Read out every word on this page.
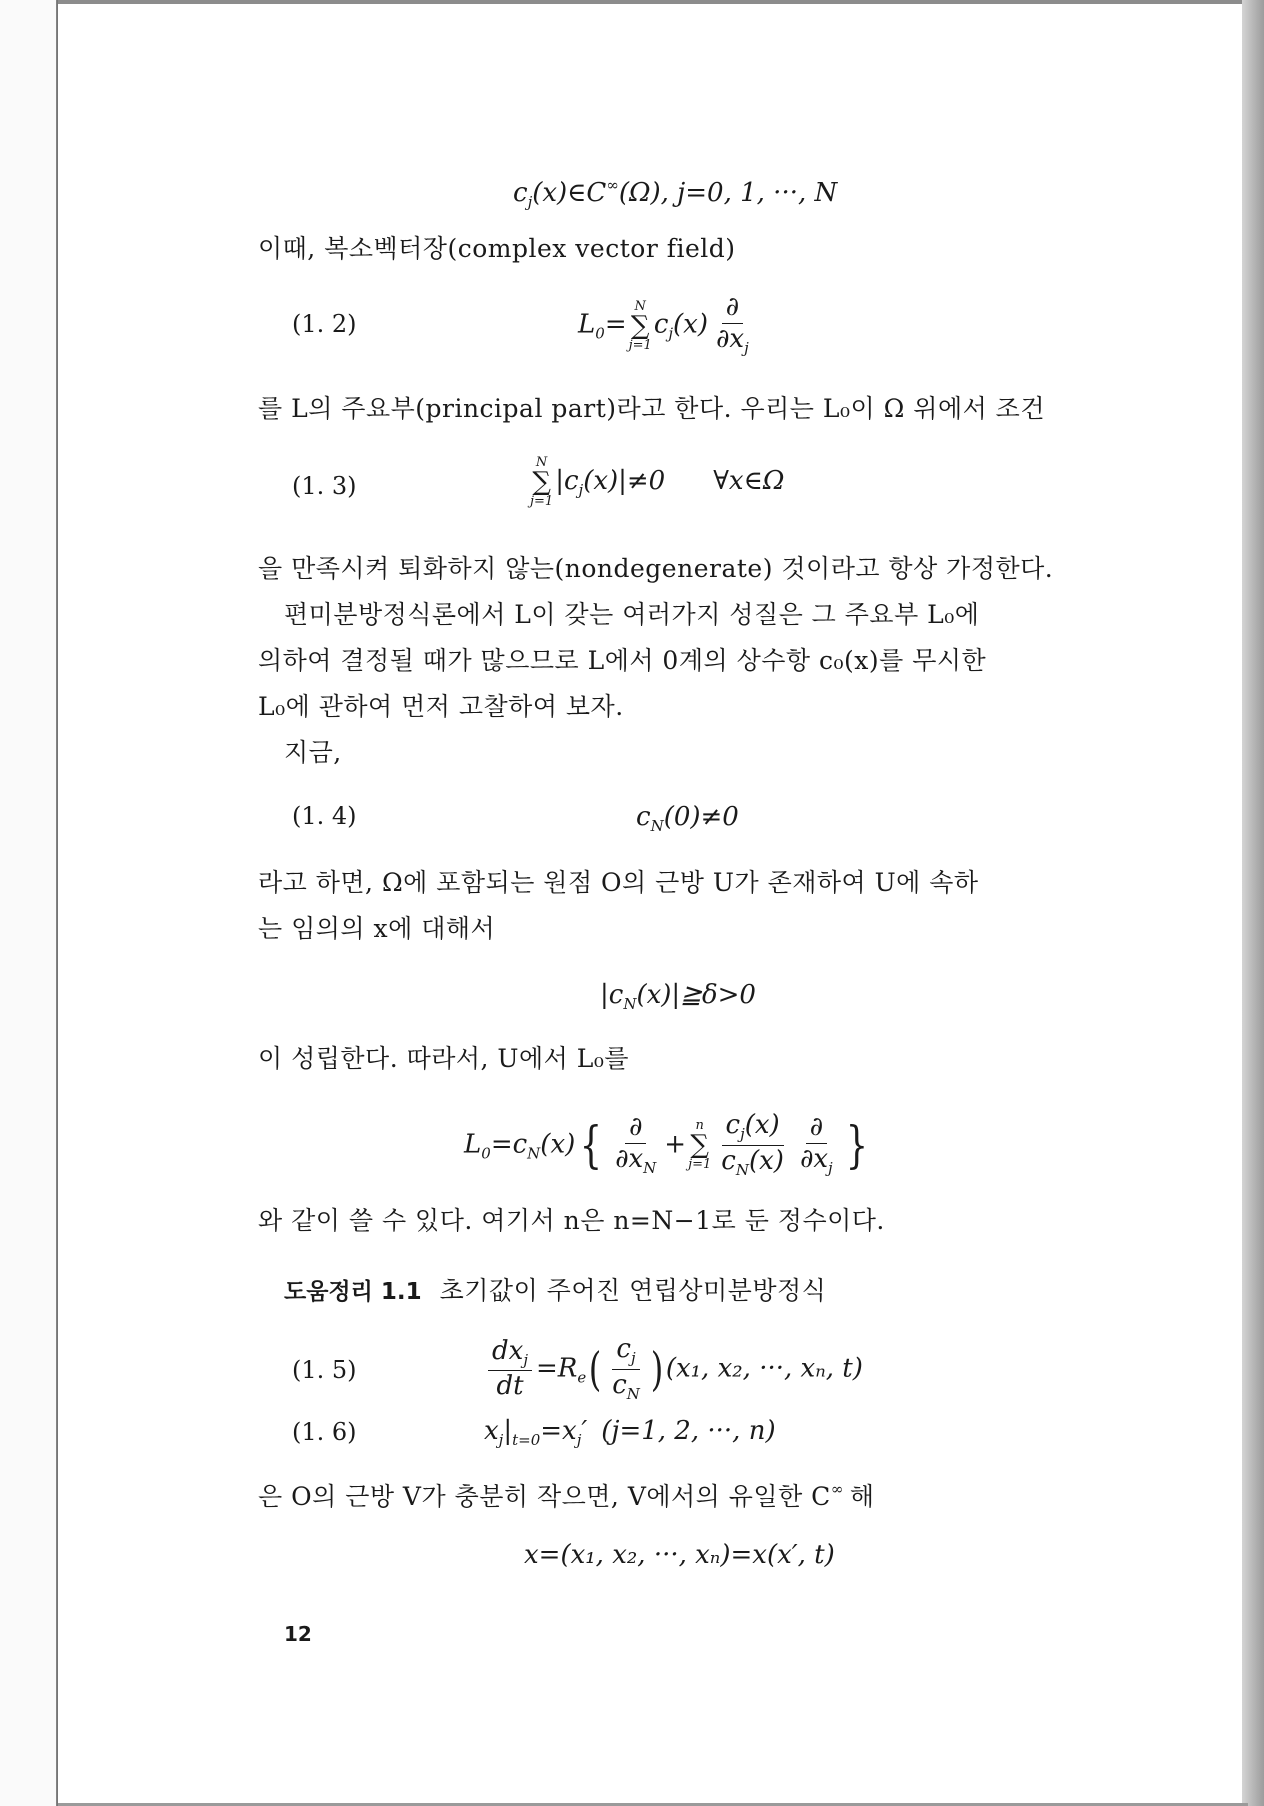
$c_j(x)\in C^\infty(\Omega)$, j=0, 1, ···, N
이때, 복소벡터장(complex vector field)
(1. 2)	$L_0=$
N
∑
j=1
$c_j(x) \frac{\partial}{\partial x_j}$
를 L의 주요부(principal part)라고 한다. 우리는 L₀이 Ω 위에서 조건
(1. 3)
N
∑
j=1
$|c_j(x)|\ne 0$ ∀x∈Ω
을 만족시켜 퇴화하지 않는(nondegenerate) 것이라고 항상 가정한다.
편미분방정식론에서 L이 갖는 여러가지 성질은 그 주요부 L₀에
의하여 결정될 때가 많으므로 L에서 0계의 상수항 c₀(x)를 무시한
L₀에 관하여 먼저 고찰하여 보자.
지금,
(1. 4)	$c_N(0)\ne 0$
라고 하면, Ω에 포함되는 원점 O의 근방 U가 존재하여 U에 속하
는 임의의 x에 대해서
$|c_N(x)|≧\delta>0$
이 성립한다. 따라서, U에서 L₀를
$L_0=c_N(x)\{ \frac{\partial}{\partial x_N}$ +
n
∑
$j=1 \frac{c_j(x)}{c_N(x)} \frac{\partial}{\partial x_j}$ }
와 같이 쓸 수 있다. 여기서 n은 n=N−1로 둔 정수이다.
도움정리 1.1 초기값이 주어진 연립상미분방정식
(1. 5)	$\frac{dx_j}{dt} =R_e( \frac{c_j}{c_N}$ ) (x₁, x₂, ···, xₙ, t)
(1. 6)	$x_j|_{t=0}=x_j'$ (j=1, 2, ···, n)
은 O의 근방 V가 충분히 작으면, V에서의 유일한 C∞ 해
x=(x₁, x₂, ···, xₙ)=x(x′, t)
12
